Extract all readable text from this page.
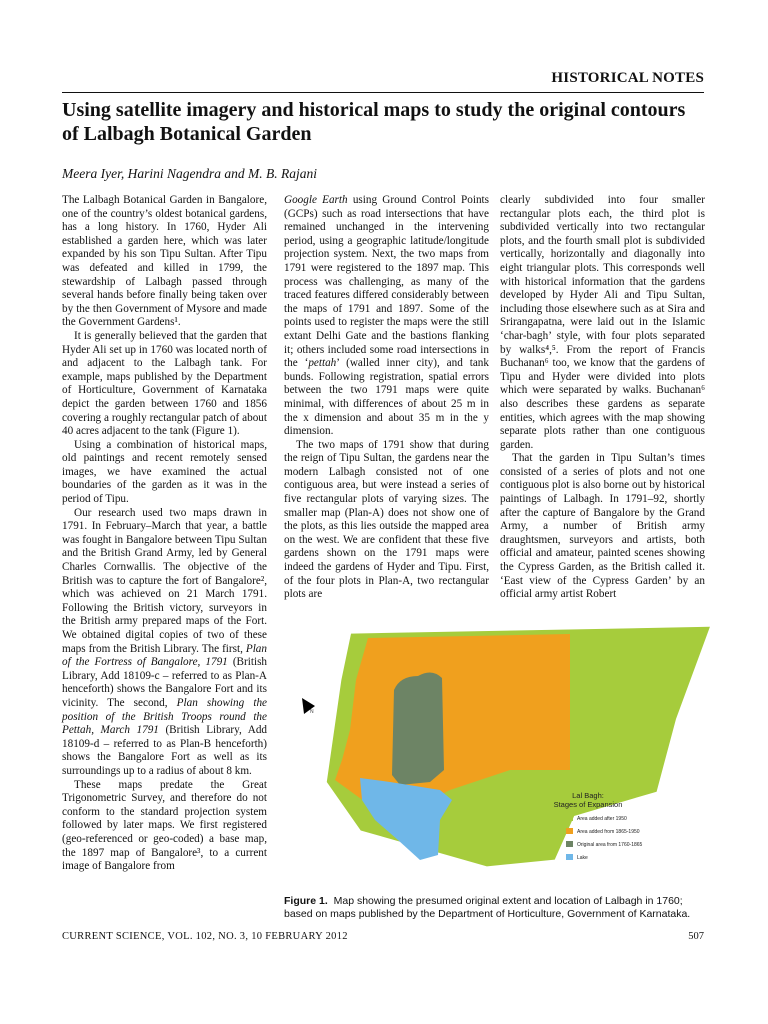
HISTORICAL NOTES
Using satellite imagery and historical maps to study the original contours of Lalbagh Botanical Garden
Meera Iyer, Harini Nagendra and M. B. Rajani

The Lalbagh Botanical Garden in Bangalore, one of the country’s oldest botanical gardens, has a long history. In 1760, Hyder Ali established a garden here, which was later expanded by his son Tipu Sultan. After Tipu was defeated and killed in 1799, the stewardship of Lalbagh passed through several hands before finally being taken over by the then Government of Mysore and made the Government Gardens¹.

It is generally believed that the garden that Hyder Ali set up in 1760 was located north of and adjacent to the Lalbagh tank. For example, maps published by the Department of Horticulture, Government of Karnataka depict the garden between 1760 and 1856 covering a roughly rectangular patch of about 40 acres adjacent to the tank (Figure 1).

Using a combination of historical maps, old paintings and recent remotely sensed images, we have examined the actual boundaries of the garden as it was in the period of Tipu.

Our research used two maps drawn in 1791. In February–March that year, a battle was fought in Bangalore between Tipu Sultan and the British Grand Army, led by General Charles Cornwallis. The objective of the British was to capture the fort of Bangalore², which was achieved on 21 March 1791. Following the British victory, surveyors in the British army prepared maps of the Fort. We obtained digital copies of two of these maps from the British Library. The first, Plan of the Fortress of Bangalore, 1791 (British Library, Add 18109-c – referred to as Plan-A henceforth) shows the Bangalore Fort and its vicinity. The second, Plan showing the position of the British Troops round the Pettah, March 1791 (British Library, Add 18109-d – referred to as Plan-B henceforth) shows the Bangalore Fort as well as its surroundings up to a radius of about 8 km.

These maps predate the Great Trigonometric Survey, and therefore do not conform to the standard projection system followed by later maps. We first registered (geo-referenced or geo-coded) a base map, the 1897 map of Bangalore³, to a current image of Bangalore from

Google Earth using Ground Control Points (GCPs) such as road intersections that have remained unchanged in the intervening period, using a geographic latitude/longitude projection system. Next, the two maps from 1791 were registered to the 1897 map. This process was challenging, as many of the traced features differed considerably between the maps of 1791 and 1897. Some of the points used to register the maps were the still extant Delhi Gate and the bastions flanking it; others included some road intersections in the ‘pettah’ (walled inner city), and tank bunds. Following registration, spatial errors between the two 1791 maps were quite minimal, with differences of about 25 m in the x dimension and about 35 m in the y dimension.

The two maps of 1791 show that during the reign of Tipu Sultan, the gardens near the modern Lalbagh consisted not of one contiguous area, but were instead a series of five rectangular plots of varying sizes. The smaller map (Plan-A) does not show one of the plots, as this lies outside the mapped area on the west. We are confident that these five gardens shown on the 1791 maps were indeed the gardens of Hyder and Tipu. First, of the four plots in Plan-A, two rectangular plots are

clearly subdivided into four smaller rectangular plots each, the third plot is subdivided vertically into two rectangular plots, and the fourth small plot is subdivided vertically, horizontally and diagonally into eight triangular plots. This corresponds well with historical information that the gardens developed by Hyder Ali and Tipu Sultan, including those elsewhere such as at Sira and Srirangapatna, were laid out in the Islamic ‘char-bagh’ style, with four plots separated by walks⁴,⁵. From the report of Francis Buchanan⁶ too, we know that the gardens of Tipu and Hyder were divided into plots which were separated by walks. Buchanan⁶ also describes these gardens as separate entities, which agrees with the map showing separate plots rather than one contiguous garden.

That the garden in Tipu Sultan’s times consisted of a series of plots and not one contiguous plot is also borne out by historical paintings of Lalbagh. In 1791–92, shortly after the capture of Bangalore by the Grand Army, a number of British army draughtsmen, surveyors and artists, both official and amateur, painted scenes showing the Cypress Garden, as the British called it. ‘East view of the Cypress Garden’ by an official army artist Robert

N
Lal Bagh:
Stages of Expansion
Area added after 1950
Area added from 1865-1950
Original area from 1760-1865
Lake
Figure 1. Map showing the presumed original extent and location of Lalbagh in 1760; based on maps published by the Department of Horticulture, Government of Karnataka.
CURRENT SCIENCE, VOL. 102, NO. 3, 10 FEBRUARY 2012	507
